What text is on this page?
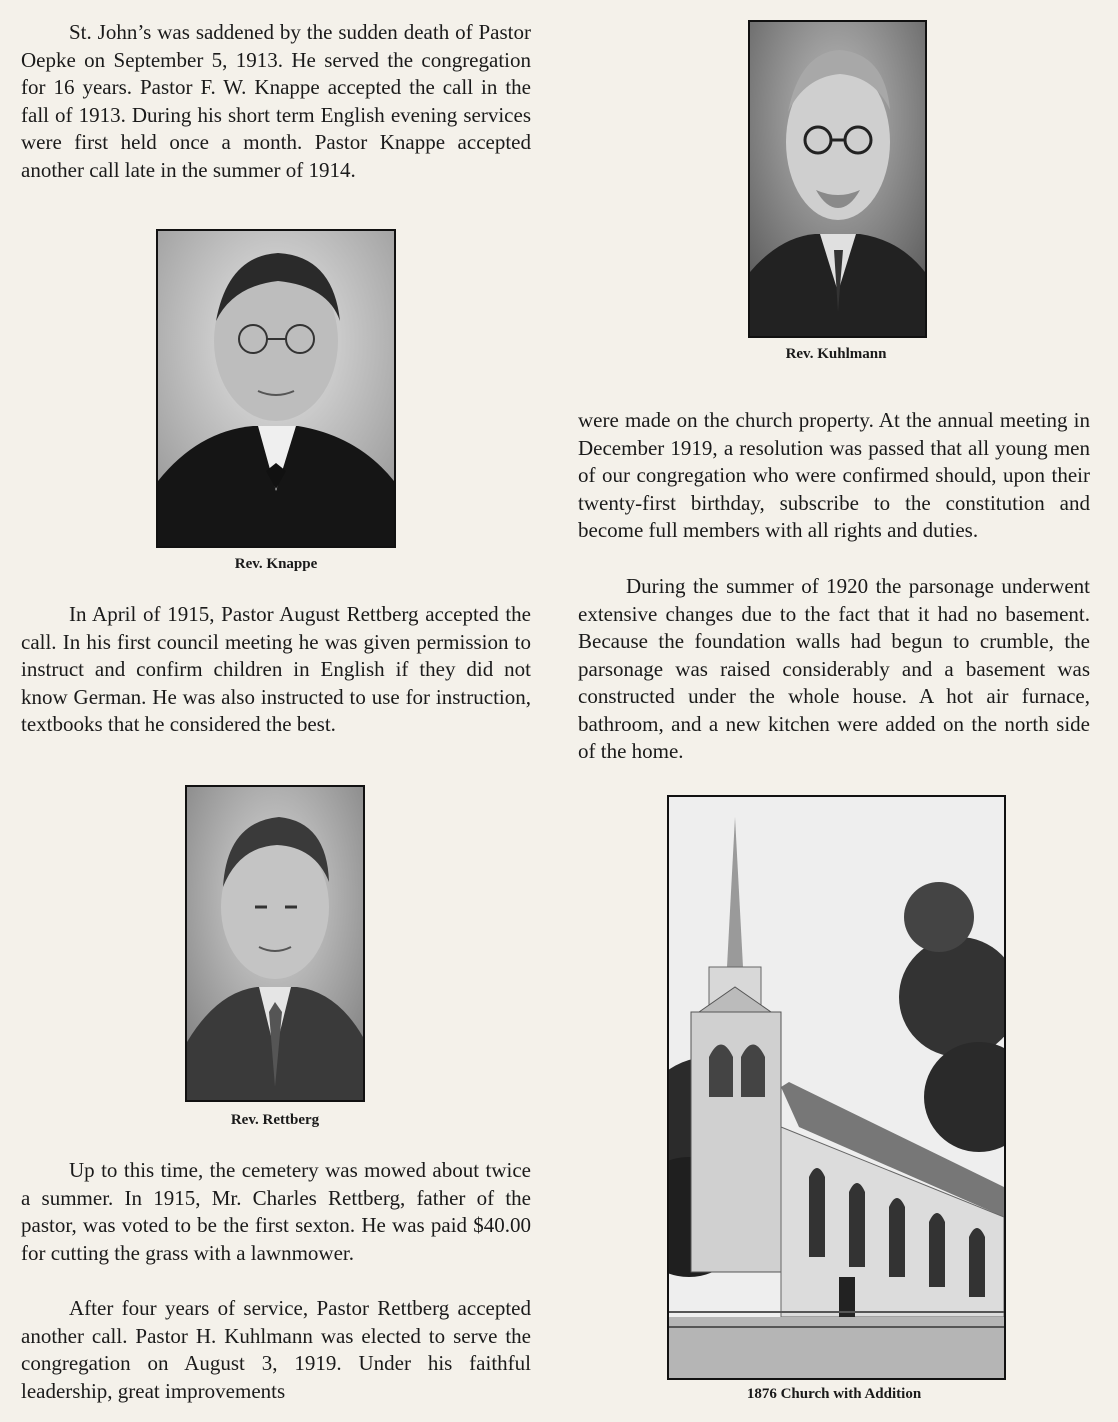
St. John’s was saddened by the sudden death of Pastor Oepke on September 5, 1913. He served the congregation for 16 years. Pastor F. W. Knappe accepted the call in the fall of 1913. During his short term English evening services were first held once a month. Pastor Knappe accepted another call late in the summer of 1914.

Rev. Knappe

In April of 1915, Pastor August Rettberg accepted the call. In his first council meeting he was given permission to instruct and confirm children in English if they did not know German. He was also instructed to use for instruction, textbooks that he considered the best.

Rev. Rettberg

Up to this time, the cemetery was mowed about twice a summer. In 1915, Mr. Charles Rettberg, father of the pastor, was voted to be the first sexton. He was paid $40.00 for cutting the grass with a lawnmower.

After four years of service, Pastor Rettberg accepted another call. Pastor H. Kuhlmann was elected to serve the congregation on August 3, 1919. Under his faithful leadership, great improvements

Rev. Kuhlmann

were made on the church property. At the annual meeting in December 1919, a resolution was passed that all young men of our congregation who were confirmed should, upon their twenty-first birthday, subscribe to the constitution and become full members with all rights and duties.

During the summer of 1920 the parsonage underwent extensive changes due to the fact that it had no basement. Because the foundation walls had begun to crumble, the parsonage was raised considerably and a basement was constructed under the whole house. A hot air furnace, bathroom, and a new kitchen were added on the north side of the home.

1876 Church with Addition
